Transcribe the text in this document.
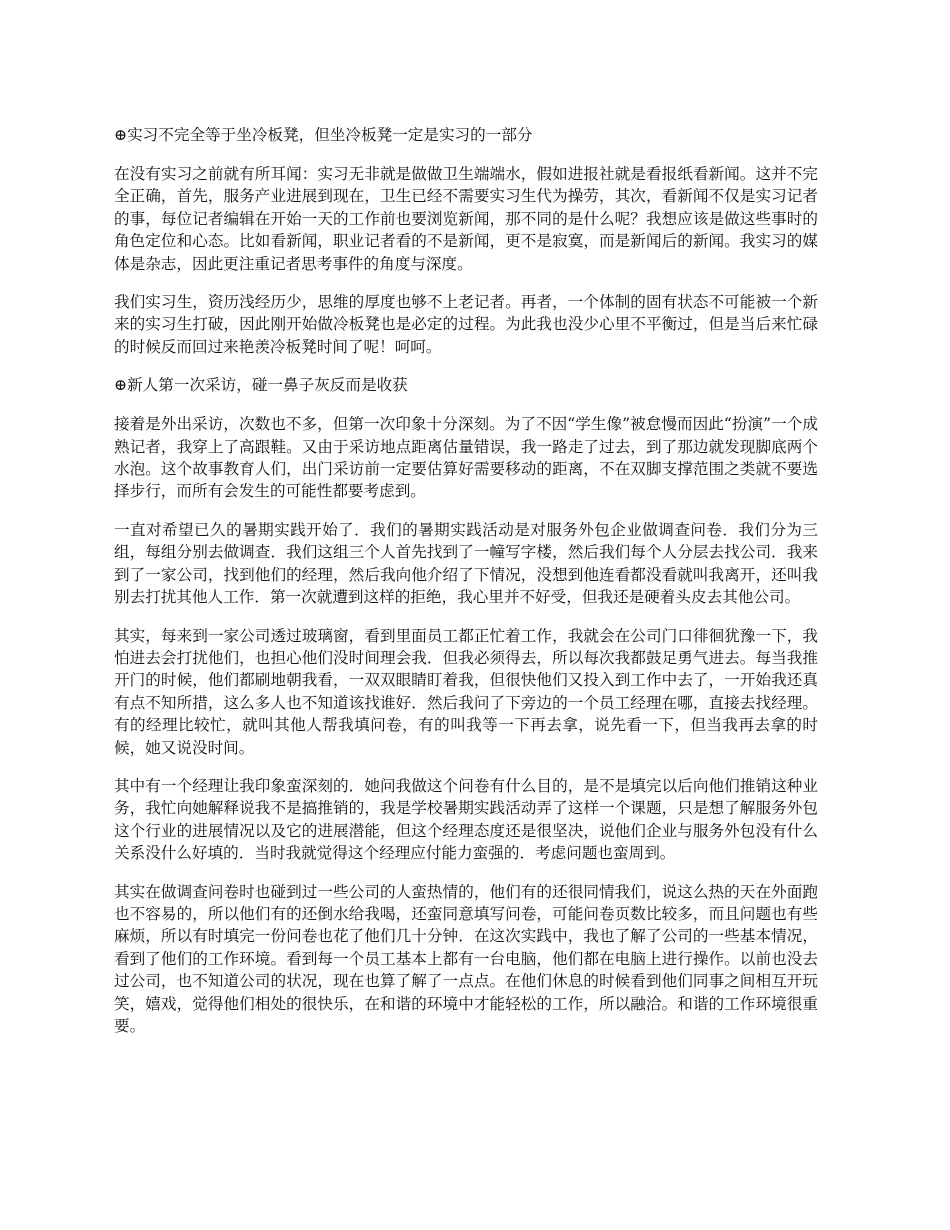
⊕实习不完全等于坐冷板凳，但坐冷板凳一定是实习的一部分

在没有实习之前就有所耳闻：实习无非就是做做卫生端端水，假如进报社就是看报纸看新闻。这并不完全正确，首先，服务产业进展到现在，卫生已经不需要实习生代为操劳，其次，看新闻不仅是实习记者的事，每位记者编辑在开始一天的工作前也要浏览新闻，那不同的是什么呢？我想应该是做这些事时的角色定位和心态。比如看新闻，职业记者看的不是新闻，更不是寂寞，而是新闻后的新闻。我实习的媒体是杂志，因此更注重记者思考事件的角度与深度。

我们实习生，资历浅经历少，思维的厚度也够不上老记者。再者，一个体制的固有状态不可能被一个新来的实习生打破，因此刚开始做冷板凳也是必定的过程。为此我也没少心里不平衡过，但是当后来忙碌的时候反而回过来艳羡冷板凳时间了呢！呵呵。

⊕新人第一次采访，碰一鼻子灰反而是收获

接着是外出采访，次数也不多，但第一次印象十分深刻。为了不因“学生像”被怠慢而因此“扮演”一个成熟记者，我穿上了高跟鞋。又由于采访地点距离估量错误，我一路走了过去，到了那边就发现脚底两个水泡。这个故事教育人们，出门采访前一定要估算好需要移动的距离，不在双脚支撑范围之类就不要选择步行，而所有会发生的可能性都要考虑到。

一直对希望已久的暑期实践开始了．我们的暑期实践活动是对服务外包企业做调查问卷．我们分为三组，每组分别去做调查．我们这组三个人首先找到了一幢写字楼，然后我们每个人分层去找公司．我来到了一家公司，找到他们的经理，然后我向他介绍了下情况，没想到他连看都没看就叫我离开，还叫我别去打扰其他人工作．第一次就遭到这样的拒绝，我心里并不好受，但我还是硬着头皮去其他公司。

其实，每来到一家公司透过玻璃窗，看到里面员工都正忙着工作，我就会在公司门口徘徊犹豫一下，我怕进去会打扰他们，也担心他们没时间理会我．但我必须得去，所以每次我都鼓足勇气进去。每当我推开门的时候，他们都刷地朝我看，一双双眼睛盯着我，但很快他们又投入到工作中去了，一开始我还真有点不知所措，这么多人也不知道该找谁好．然后我问了下旁边的一个员工经理在哪，直接去找经理。有的经理比较忙，就叫其他人帮我填问卷，有的叫我等一下再去拿，说先看一下，但当我再去拿的时候，她又说没时间。

其中有一个经理让我印象蛮深刻的．她问我做这个问卷有什么目的，是不是填完以后向他们推销这种业务，我忙向她解释说我不是搞推销的，我是学校暑期实践活动弄了这样一个课题，只是想了解服务外包这个行业的进展情况以及它的进展潜能，但这个经理态度还是很坚决，说他们企业与服务外包没有什么关系没什么好填的．当时我就觉得这个经理应付能力蛮强的．考虑问题也蛮周到。

其实在做调查问卷时也碰到过一些公司的人蛮热情的，他们有的还很同情我们，说这么热的天在外面跑也不容易的，所以他们有的还倒水给我喝，还蛮同意填写问卷，可能问卷页数比较多，而且问题也有些麻烦，所以有时填完一份问卷也花了他们几十分钟．在这次实践中，我也了解了公司的一些基本情况，看到了他们的工作环境。看到每一个员工基本上都有一台电脑，他们都在电脑上进行操作。以前也没去过公司，也不知道公司的状况，现在也算了解了一点点。在他们休息的时候看到他们同事之间相互开玩笑，嬉戏，觉得他们相处的很快乐，在和谐的环境中才能轻松的工作，所以融洽。和谐的工作环境很重要。
